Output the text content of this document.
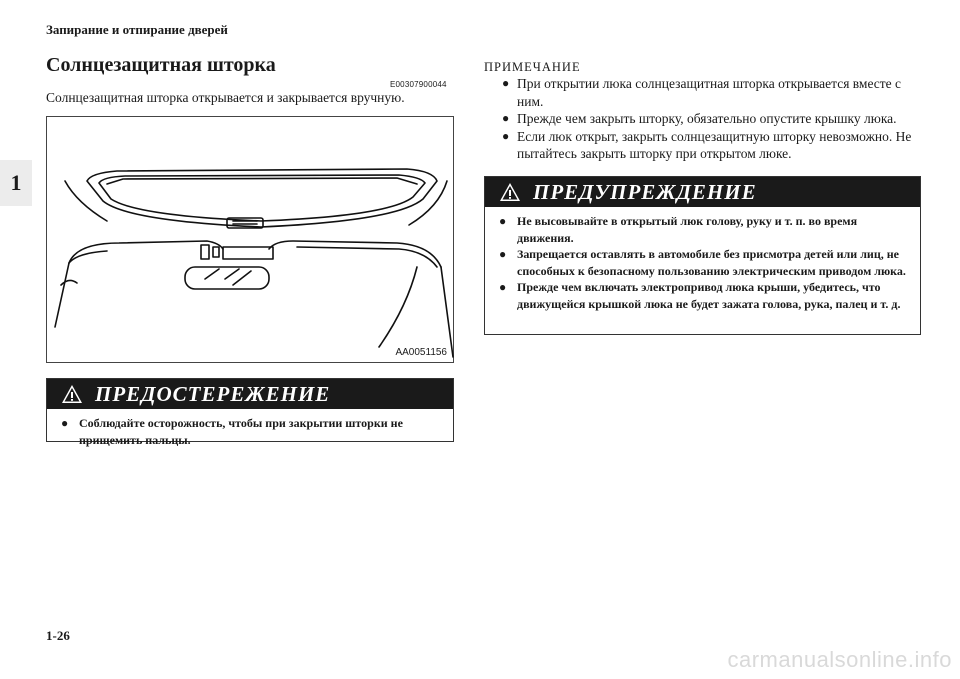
Запирание и отпирание дверей
1
Солнцезащитная шторка
E00307900044
Солнцезащитная шторка открывается и закрывается вручную.
AA0051156
ПРЕДОСТЕРЕЖЕНИЕ
● Соблюдайте осторожность, чтобы при закрытии шторки не прищемить пальцы.
ПРИМЕЧАНИЕ
● При открытии люка солнцезащитная шторка открывается вместе с ним.
● Прежде чем закрыть шторку, обязательно опустите крышку люка.
● Если люк открыт, закрыть солнцезащитную шторку невозможно. Не пытайтесь закрыть шторку при открытом люке.
ПРЕДУПРЕЖДЕНИЕ
● Не высовывайте в открытый люк голову, руку и т. п. во время движения.
● Запрещается оставлять в автомобиле без присмотра детей или лиц, не способных к безопасному пользованию электрическим приводом люка.
● Прежде чем включать электропривод люка крыши, убедитесь, что движущейся крышкой люка не будет зажата голова, рука, палец и т. д.
1-26
carmanualsonline.info
